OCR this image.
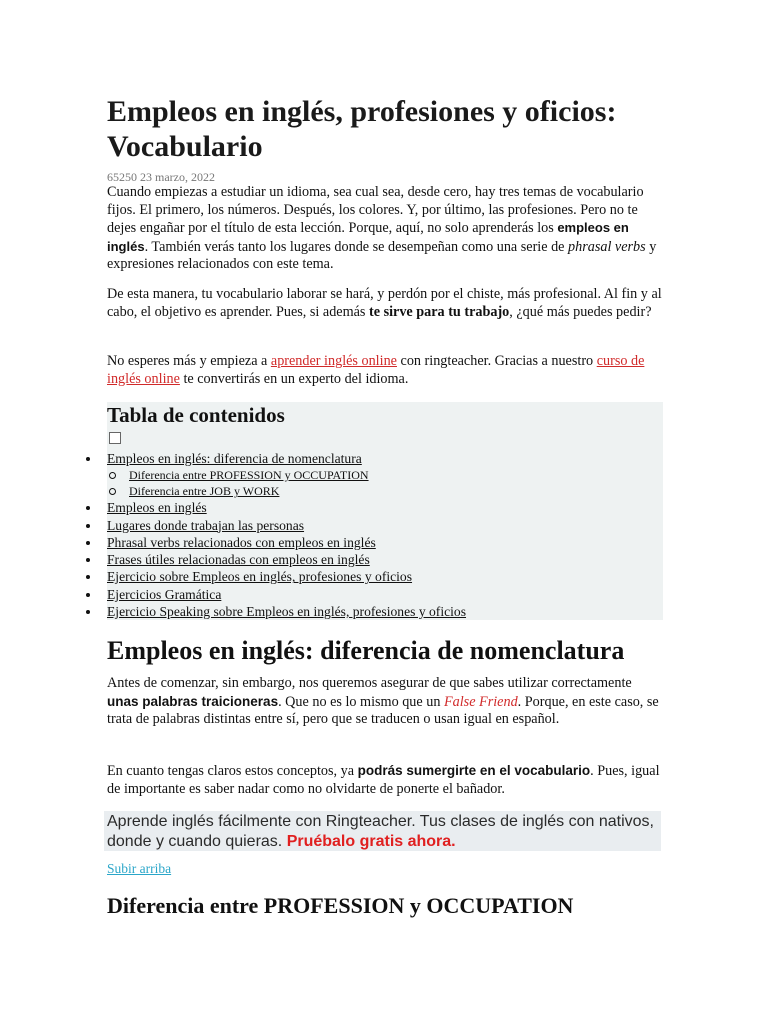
Empleos en inglés, profesiones y oficios: Vocabulario
65250 23 marzo, 2022

Cuando empiezas a estudiar un idioma, sea cual sea, desde cero, hay tres temas de vocabulario fijos. El primero, los números. Después, los colores. Y, por último, las profesiones. Pero no te dejes engañar por el título de esta lección. Porque, aquí, no solo aprenderás los empleos en inglés. También verás tanto los lugares donde se desempeñan como una serie de phrasal verbs y expresiones relacionados con este tema.

De esta manera, tu vocabulario laborar se hará, y perdón por el chiste, más profesional. Al fin y al cabo, el objetivo es aprender. Pues, si además te sirve para tu trabajo, ¿qué más puedes pedir?

No esperes más y empieza a aprender inglés online con ringteacher. Gracias a nuestro curso de inglés online te convertirás en un experto del idioma.

Tabla de contenidos
Empleos en inglés: diferencia de nomenclatura
Diferencia entre PROFESSION y OCCUPATION
Diferencia entre JOB y WORK
Empleos en inglés
Lugares donde trabajan las personas
Phrasal verbs relacionados con empleos en inglés
Frases útiles relacionadas con empleos en inglés
Ejercicio sobre Empleos en inglés, profesiones y oficios
Ejercicios Gramática
Ejercicio Speaking sobre Empleos en inglés, profesiones y oficios
Empleos en inglés: diferencia de nomenclatura

Antes de comenzar, sin embargo, nos queremos asegurar de que sabes utilizar correctamente unas palabras traicioneras. Que no es lo mismo que un False Friend. Porque, en este caso, se trata de palabras distintas entre sí, pero que se traducen o usan igual en español.

En cuanto tengas claros estos conceptos, ya podrás sumergirte en el vocabulario. Pues, igual de importante es saber nadar como no olvidarte de ponerte el bañador.

Aprende inglés fácilmente con Ringteacher. Tus clases de inglés con nativos, donde y cuando quieras. Pruébalo gratis ahora.
Subir arriba
Diferencia entre PROFESSION y OCCUPATION
